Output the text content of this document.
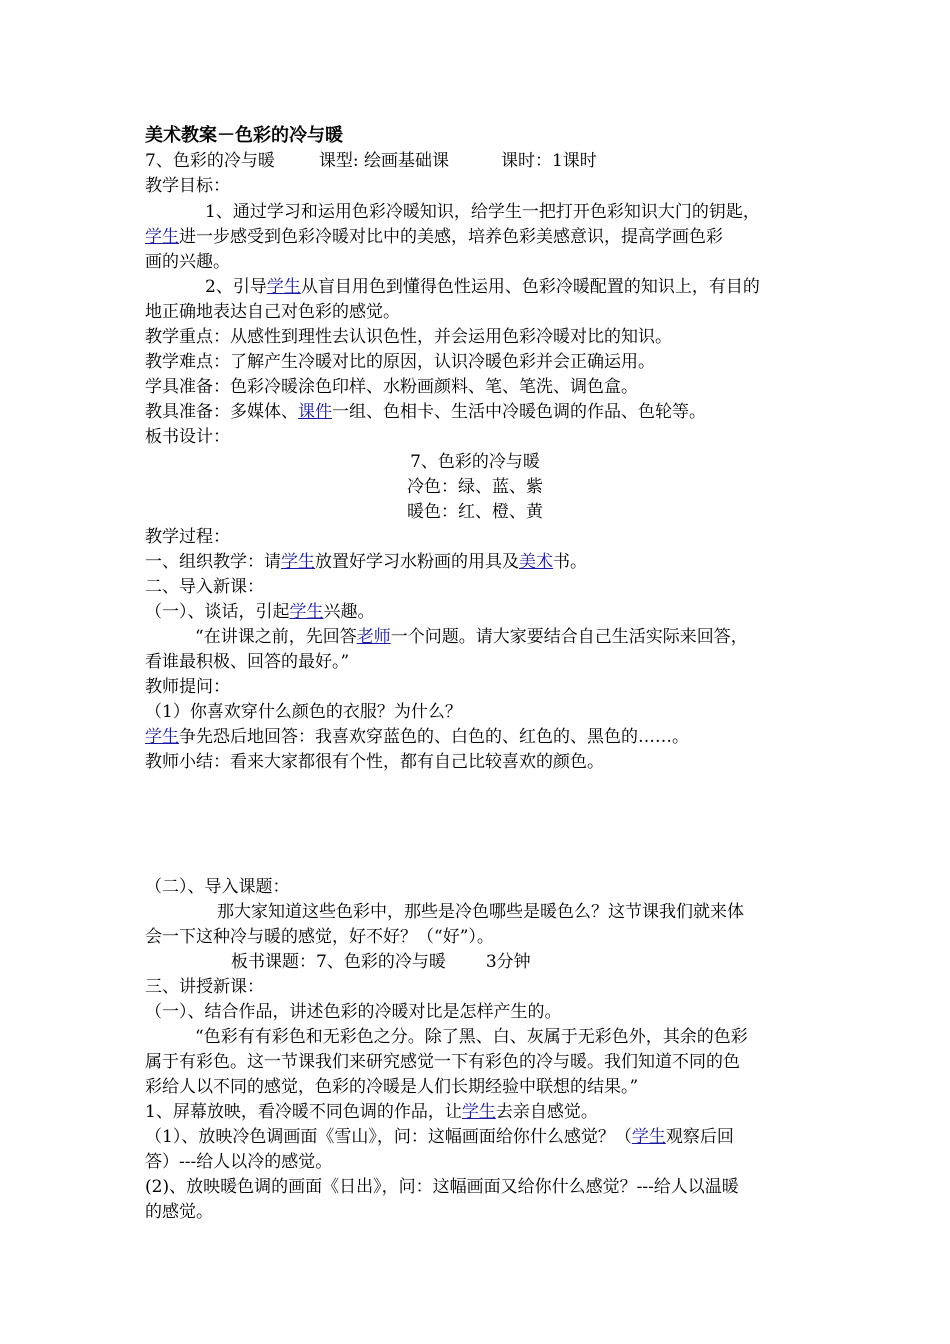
美术教案－色彩的冷与暖
7、色彩的冷与暖	课型: 绘画基础课	课时：1课时
教学目标：
1、通过学习和运用色彩冷暖知识，给学生一把打开色彩知识大门的钥匙，
学生进一步感受到色彩冷暖对比中的美感，培养色彩美感意识，提高学画色彩
画的兴趣。
2、引导学生从盲目用色到懂得色性运用、色彩冷暖配置的知识上，有目的
地正确地表达自己对色彩的感觉。
教学重点：从感性到理性去认识色性，并会运用色彩冷暖对比的知识。
教学难点：了解产生冷暖对比的原因，认识冷暖色彩并会正确运用。
学具准备：色彩冷暖涂色印样、水粉画颜料、笔、笔洗、调色盒。
教具准备：多媒体、课件一组、色相卡、生活中冷暖色调的作品、色轮等。
板书设计：
7、色彩的冷与暖
冷色：绿、蓝、紫
暖色：红、橙、黄
教学过程：
一、组织教学：请学生放置好学习水粉画的用具及美术书。
二、导入新课：
（一）、谈话，引起学生兴趣。
“在讲课之前，先回答老师一个问题。请大家要结合自己生活实际来回答，
看谁最积极、回答的最好。”
教师提问：
（1）你喜欢穿什么颜色的衣服？为什么？
学生争先恐后地回答：我喜欢穿蓝色的、白色的、红色的、黑色的……。
教师小结：看来大家都很有个性，都有自己比较喜欢的颜色。
（二）、导入课题：
那大家知道这些色彩中，那些是冷色哪些是暖色么？这节课我们就来体
会一下这种冷与暖的感觉，好不好？（“好”）。
板书课题：7、色彩的冷与暖 3分钟
三、讲授新课：
（一）、结合作品，讲述色彩的冷暖对比是怎样产生的。
“色彩有有彩色和无彩色之分。除了黑、白、灰属于无彩色外，其余的色彩
属于有彩色。这一节课我们来研究感觉一下有彩色的冷与暖。我们知道不同的色
彩给人以不同的感觉，色彩的冷暖是人们长期经验中联想的结果。”
1、屏幕放映，看冷暖不同色调的作品，让学生去亲自感觉。
（1）、放映冷色调画面《雪山》，问：这幅画面给你什么感觉？（学生观察后回
答）---给人以冷的感觉。
(2)、放映暖色调的画面《日出》，问：这幅画面又给你什么感觉？---给人以温暖
的感觉。
